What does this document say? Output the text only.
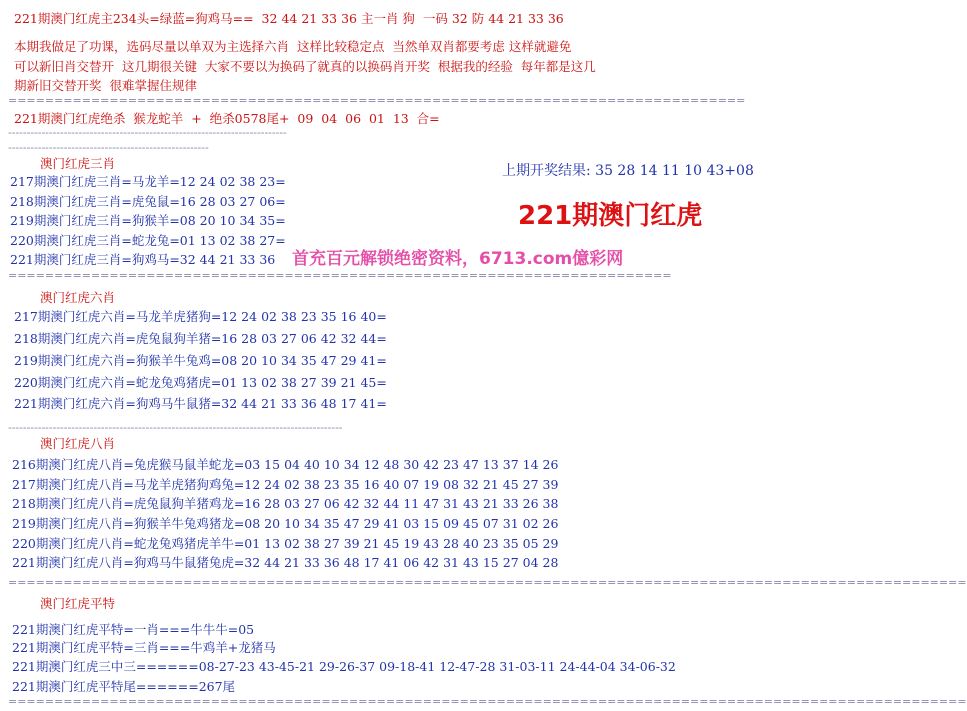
221期澳门红虎主234头=绿蓝=狗鸡马==  32 44 21 33 36 主一肖 狗  一码 32 防 44 21 33 36
本期我做足了功课，选码尽量以单双为主选择六肖  这样比较稳定点  当然单双肖都要考虑 这样就避免
可以新旧肖交替开  这几期很关键  大家不要以为换码了就真的以换码肖开奖  根据我的经验  每年都是这几
期新旧交替开奖  很难掌握住规律
================================================================================
221期澳门红虎绝杀  猴龙蛇羊  +  绝杀0578尾+  09  04  06  01  13  合=
---------------------------------------------------------------------------
------------------------------------------------------
澳门红虎三肖
217期澳门红虎三肖=马龙羊=12 24 02 38 23=
218期澳门红虎三肖=虎兔鼠=16 28 03 27 06=
219期澳门红虎三肖=狗猴羊=08 20 10 34 35=
220期澳门红虎三肖=蛇龙兔=01 13 02 38 27=
221期澳门红虎三肖=狗鸡马=32 44 21 33 36
上期开奖结果: 35 28 14 11 10 43+08
221期澳门红虎
首充百元解锁绝密资料，6713.com億彩网
========================================================================
澳门红虎六肖
217期澳门红虎六肖=马龙羊虎猪狗=12 24 02 38 23 35 16 40=
218期澳门红虎六肖=虎兔鼠狗羊猪=16 28 03 27 06 42 32 44=
219期澳门红虎六肖=狗猴羊牛兔鸡=08 20 10 34 35 47 29 41=
220期澳门红虎六肖=蛇龙兔鸡猪虎=01 13 02 38 27 39 21 45=
221期澳门红虎六肖=狗鸡马牛鼠猪=32 44 21 33 36 48 17 41=
------------------------------------------------------------------------------------------
澳门红虎八肖
216期澳门红虎八肖=兔虎猴马鼠羊蛇龙=03 15 04 40 10 34 12 48 30 42 23 47 13 37 14 26
217期澳门红虎八肖=马龙羊虎猪狗鸡兔=12 24 02 38 23 35 16 40 07 19 08 32 21 45 27 39
218期澳门红虎八肖=虎兔鼠狗羊猪鸡龙=16 28 03 27 06 42 32 44 11 47 31 43 21 33 26 38
219期澳门红虎八肖=狗猴羊牛兔鸡猪龙=08 20 10 34 35 47 29 41 03 15 09 45 07 31 02 26
220期澳门红虎八肖=蛇龙兔鸡猪虎羊牛=01 13 02 38 27 39 21 45 19 43 28 40 23 35 05 29
221期澳门红虎八肖=狗鸡马牛鼠猪兔虎=32 44 21 33 36 48 17 41 06 42 31 43 15 27 04 28
========================================================================================================
澳门红虎平特
221期澳门红虎平特=一肖===牛牛牛=05
221期澳门红虎平特=三肖===牛鸡羊+龙猪马
221期澳门红虎三中三======08-27-23 43-45-21 29-26-37 09-18-41 12-47-28 31-03-11 24-44-04 34-06-32
221期澳门红虎平特尾======267尾
========================================================================================================
